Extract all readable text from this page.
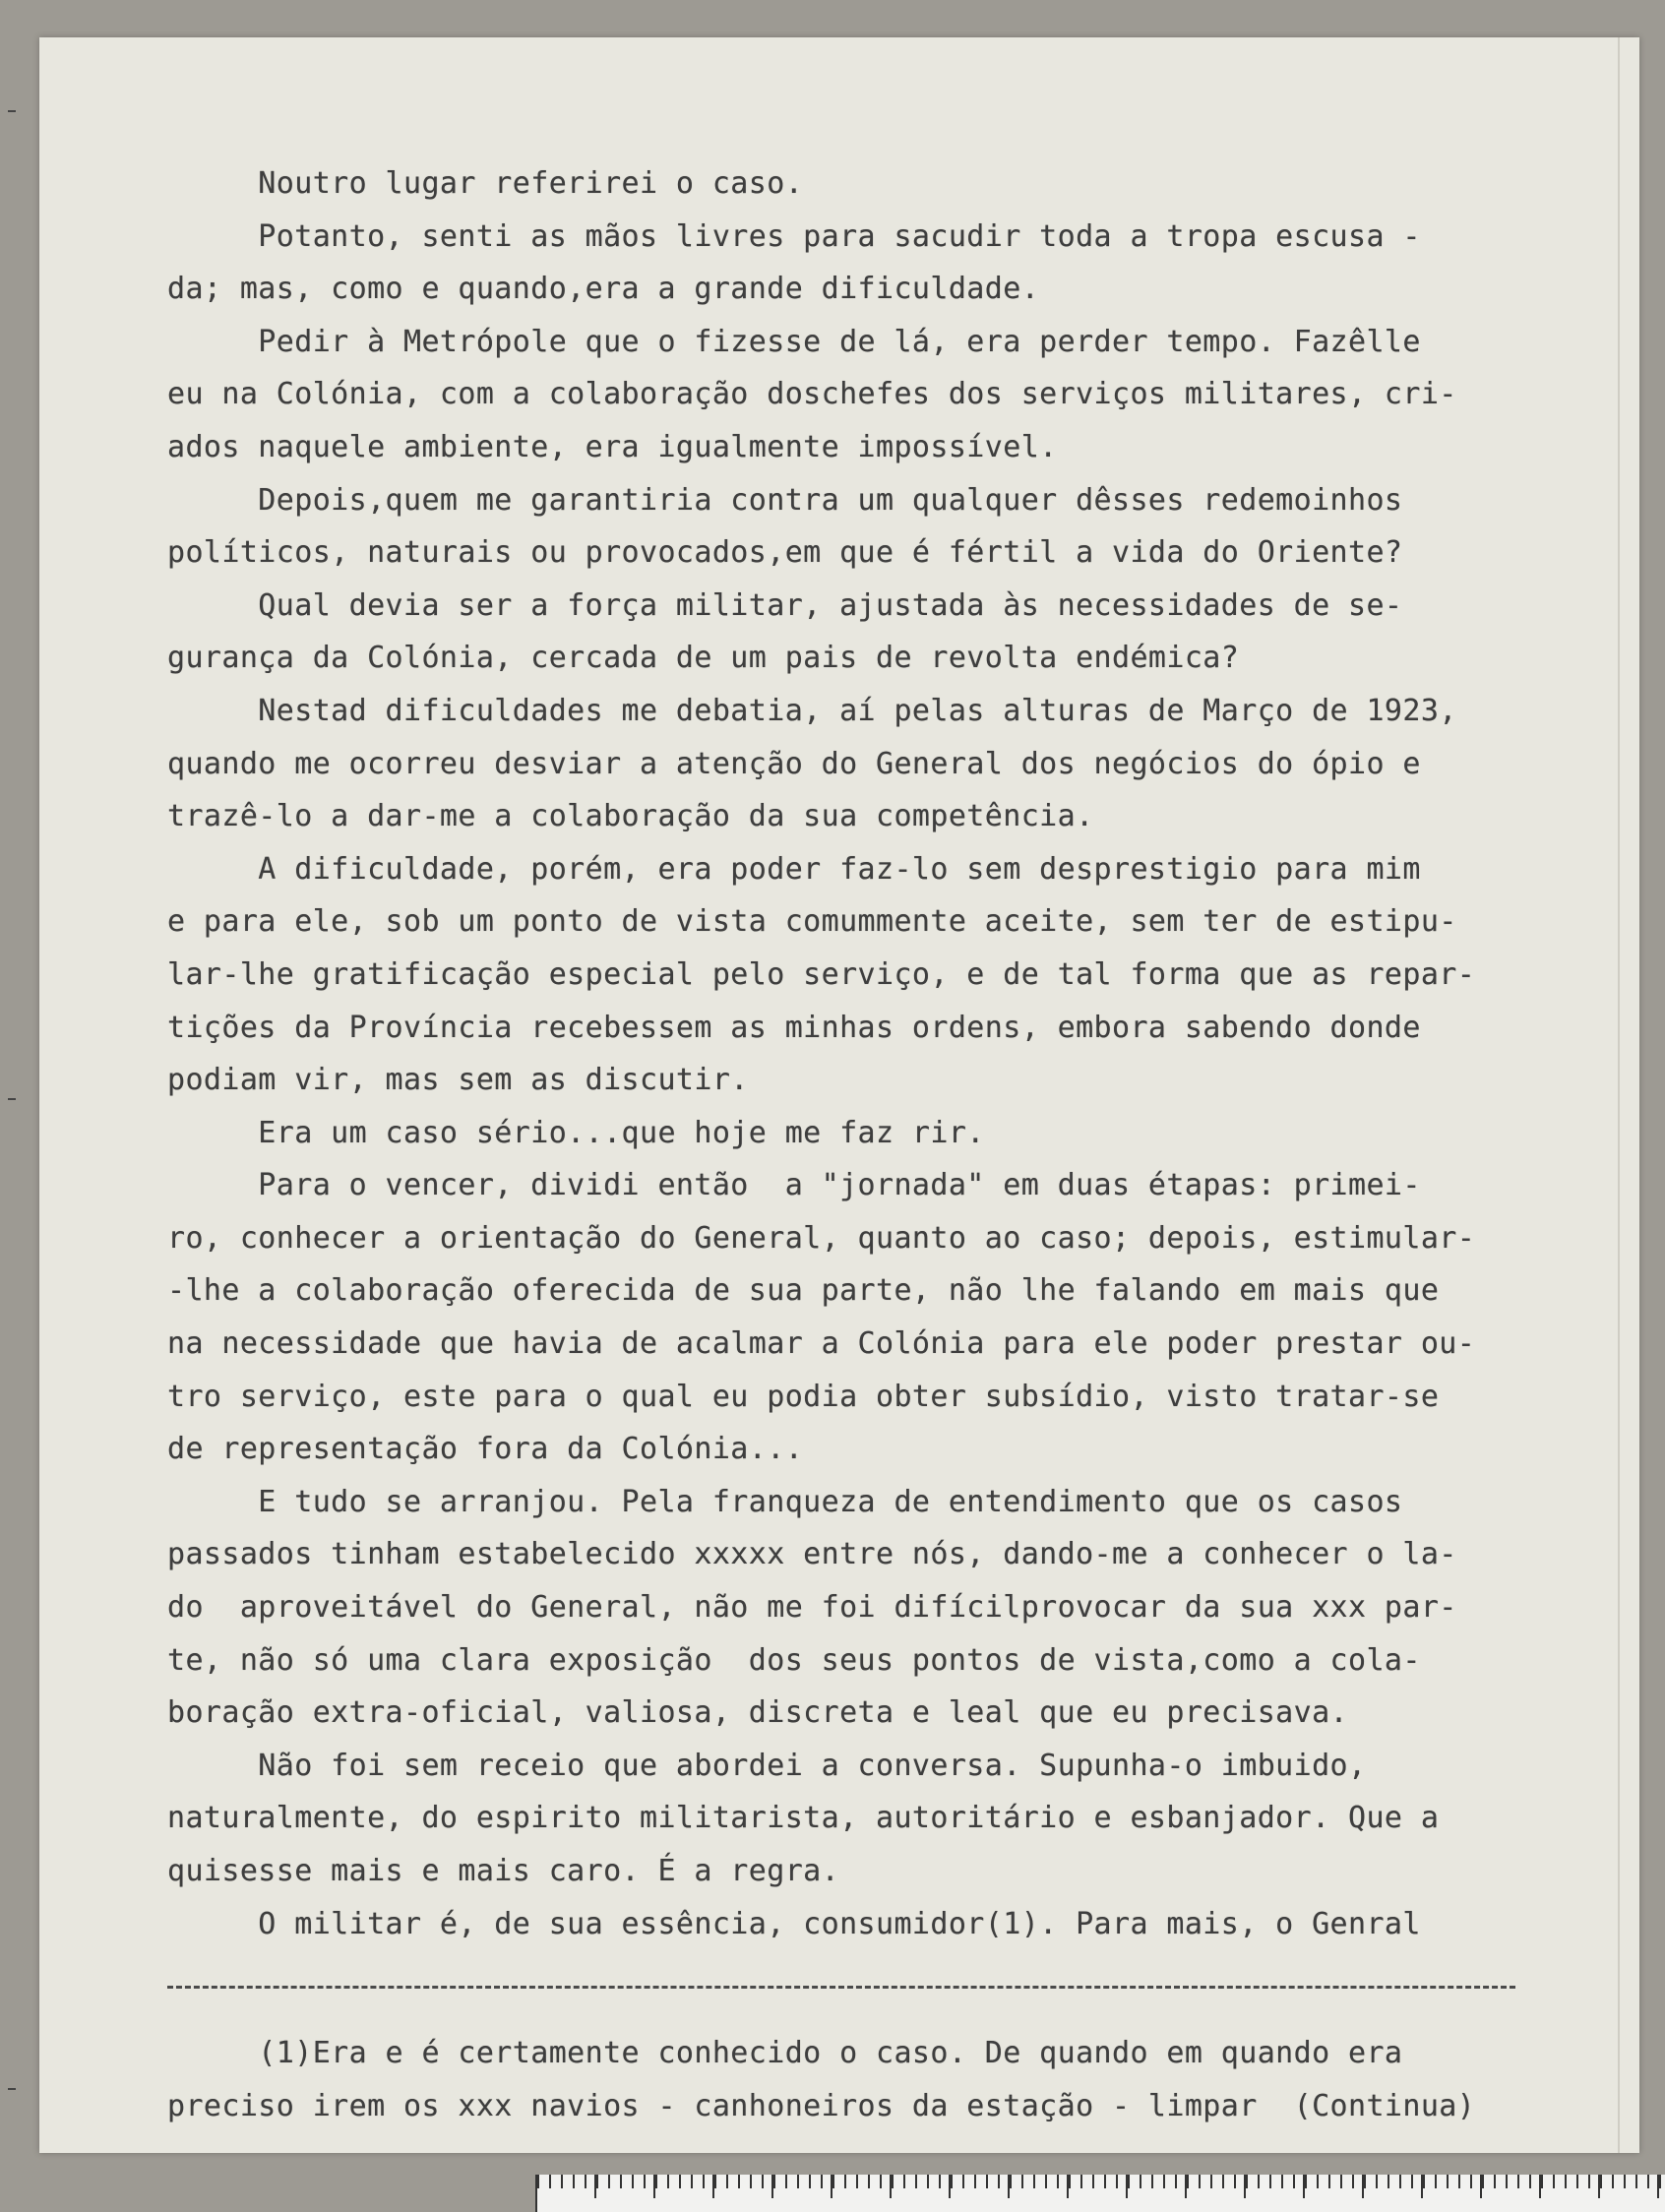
Noutro lugar referirei o caso.
Potanto, senti as mãos livres para sacudir toda a tropa escusa -
da; mas, como e quando,era a grande dificuldade.
Pedir à Metrópole que o fizesse de lá, era perder tempo. Fazêlle
eu na Colónia, com a colaboração doschefes dos serviços militares, cri-
ados naquele ambiente, era igualmente impossível.
Depois,quem me garantiria contra um qualquer dêsses redemoinhos
políticos, naturais ou provocados,em que é fértil a vida do Oriente?
Qual devia ser a força militar, ajustada às necessidades de se-
gurança da Colónia, cercada de um pais de revolta endémica?
Nestad dificuldades me debatia, aí pelas alturas de Março de 1923,
quando me ocorreu desviar a atenção do General dos negócios do ópio e
trazê-lo a dar-me a colaboração da sua competência.
A dificuldade, porém, era poder faz-lo sem desprestigio para mim
e para ele, sob um ponto de vista comummente aceite, sem ter de estipu-
lar-lhe gratificação especial pelo serviço, e de tal forma que as repar-
tições da Província recebessem as minhas ordens, embora sabendo donde
podiam vir, mas sem as discutir.
Era um caso sério...que hoje me faz rir.
Para o vencer, dividi então  a "jornada" em duas étapas: primei-
ro, conhecer a orientação do General, quanto ao caso; depois, estimular-
-lhe a colaboração oferecida de sua parte, não lhe falando em mais que
na necessidade que havia de acalmar a Colónia para ele poder prestar ou-
tro serviço, este para o qual eu podia obter subsídio, visto tratar-se
de representação fora da Colónia...
E tudo se arranjou. Pela franqueza de entendimento que os casos
passados tinham estabelecido xxxxx entre nós, dando-me a conhecer o la-
do  aproveitável do General, não me foi difícilprovocar da sua xxx par-
te, não só uma clara exposição  dos seus pontos de vista,como a cola-
boração extra-oficial, valiosa, discreta e leal que eu precisava.
Não foi sem receio que abordei a conversa. Supunha-o imbuido,
naturalmente, do espirito militarista, autoritário e esbanjador. Que a
quisesse mais e mais caro. É a regra.
O militar é, de sua essência, consumidor(1). Para mais, o Genral
(1)Era e é certamente conhecido o caso. De quando em quando era
preciso irem os xxx navios - canhoneiros da estação - limpar  (Continua)
